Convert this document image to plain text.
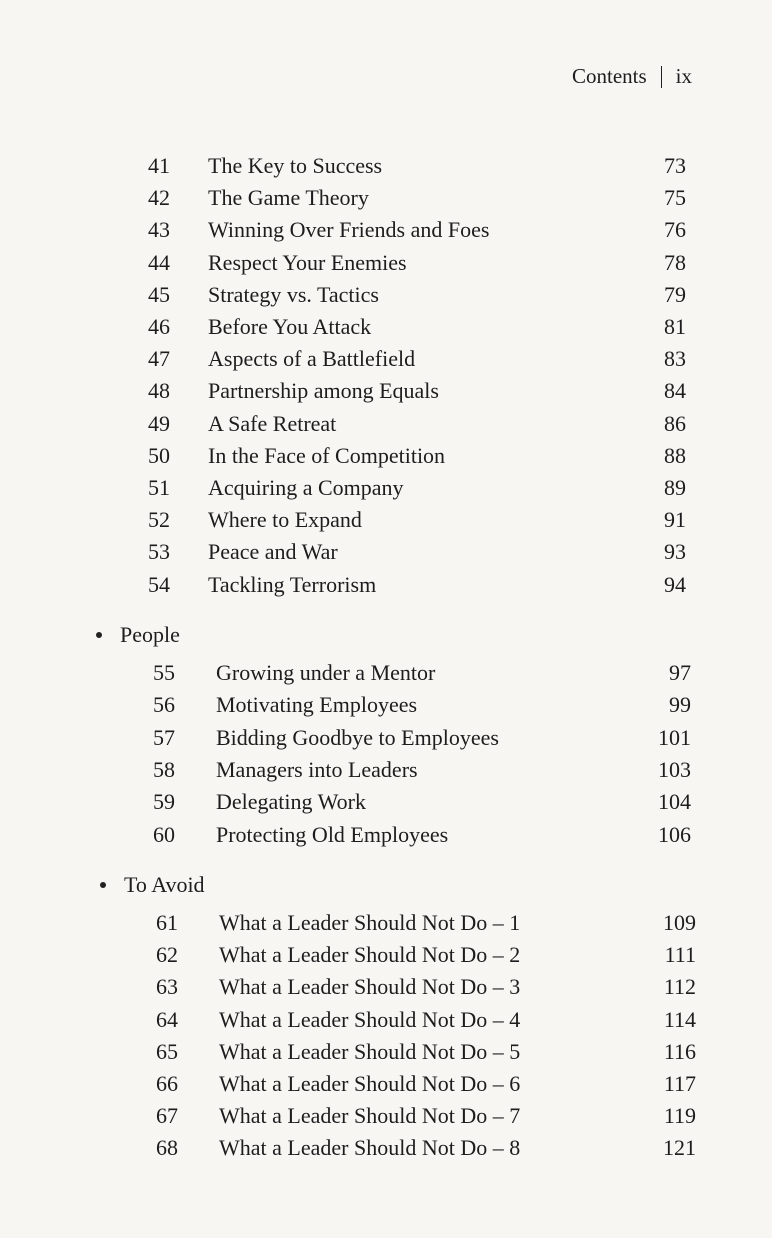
Contents ix
41 The Key to Success	73
42 The Game Theory	75
43 Winning Over Friends and Foes	76
44 Respect Your Enemies	78
45 Strategy vs. Tactics	79
46 Before You Attack	81
47 Aspects of a Battlefield	83
48 Partnership among Equals	84
49 A Safe Retreat	86
50 In the Face of Competition	88
51 Acquiring a Company	89
52 Where to Expand	91
53 Peace and War	93
54 Tackling Terrorism	94
People
55 Growing under a Mentor	97
56 Motivating Employees	99
57 Bidding Goodbye to Employees	101
58 Managers into Leaders	103
59 Delegating Work	104
60 Protecting Old Employees	106
To Avoid
61 What a Leader Should Not Do – 1	109
62 What a Leader Should Not Do – 2	111
63 What a Leader Should Not Do – 3	112
64 What a Leader Should Not Do – 4	114
65 What a Leader Should Not Do – 5	116
66 What a Leader Should Not Do – 6	117
67 What a Leader Should Not Do – 7	119
68 What a Leader Should Not Do – 8	121
